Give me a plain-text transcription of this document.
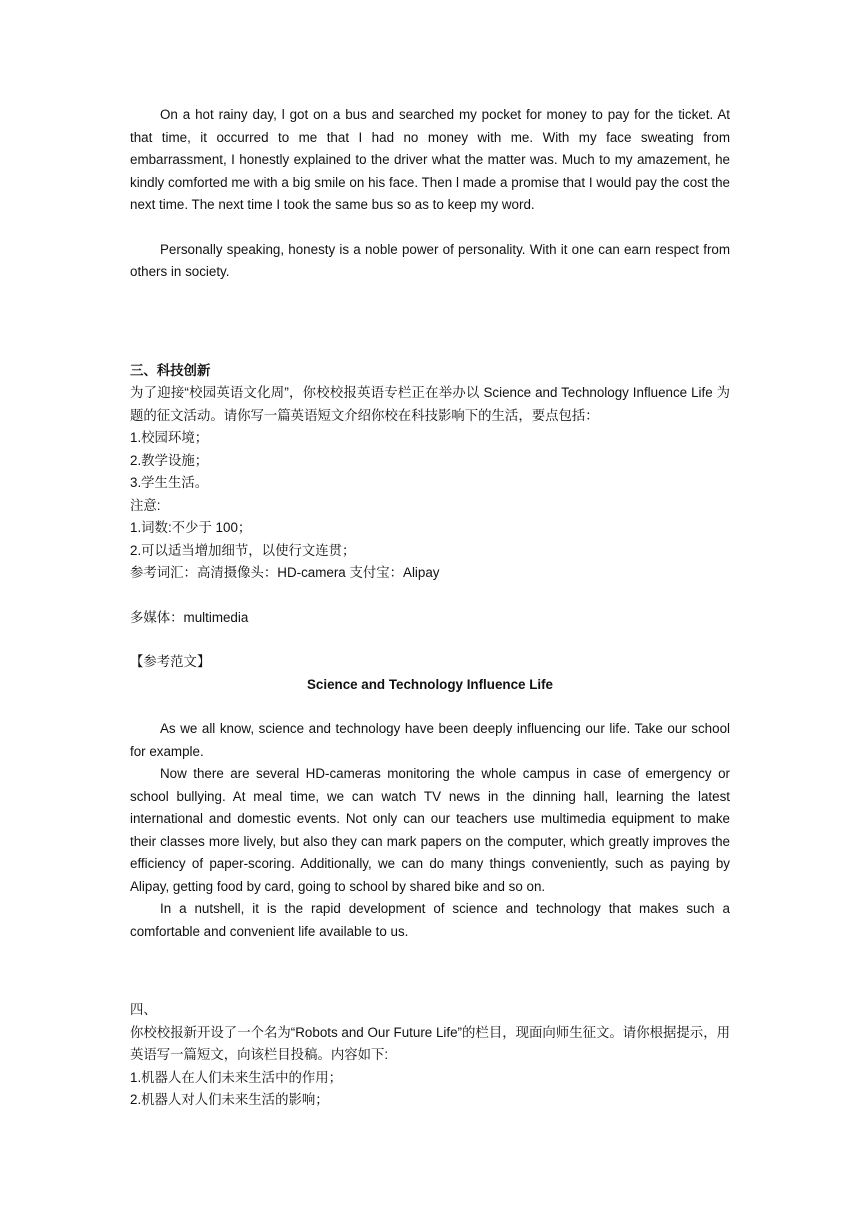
On a hot rainy day, l got on a bus and searched my pocket for money to pay for the ticket. At that time, it occurred to me that I had no money with me. With my face sweating from embarrassment, I honestly explained to the driver what the matter was. Much to my amazement, he kindly comforted me with a big smile on his face. Then l made a promise that I would pay the cost the next time. The next time I took the same bus so as to keep my word.

Personally speaking, honesty is a noble power of personality. With it one can earn respect from others in society.

三、科技创新

为了迎接“校园英语文化周”，你校校报英语专栏正在举办以 Science and Technology Influence Life 为题的征文活动。请你写一篇英语短文介绍你校在科技影响下的生活，要点包括：

1.校园环境；

2.教学设施；

3.学生生活。

注意:

1.词数:不少于 100；

2.可以适当增加细节，以使行文连贯；

参考词汇：高清摄像头：HD-camera 支付宝：Alipay

多媒体：multimedia

【参考范文】

Science and Technology Influence Life

As we all know, science and technology have been deeply influencing our life. Take our school for example.

Now there are several HD-cameras monitoring the whole campus in case of emergency or school bullying. At meal time, we can watch TV news in the dinning hall, learning the latest international and domestic events. Not only can our teachers use multimedia equipment to make their classes more lively, but also they can mark papers on the computer, which greatly improves the efficiency of paper-scoring. Additionally, we can do many things conveniently, such as paying by Alipay, getting food by card, going to school by shared bike and so on.

In a nutshell, it is the rapid development of science and technology that makes such a comfortable and convenient life available to us.

四、

你校校报新开设了一个名为“Robots and Our Future Life”的栏目，现面向师生征文。请你根据提示，用英语写一篇短文，向该栏目投稿。内容如下:

1.机器人在人们未来生活中的作用；

2.机器人对人们未来生活的影响；
